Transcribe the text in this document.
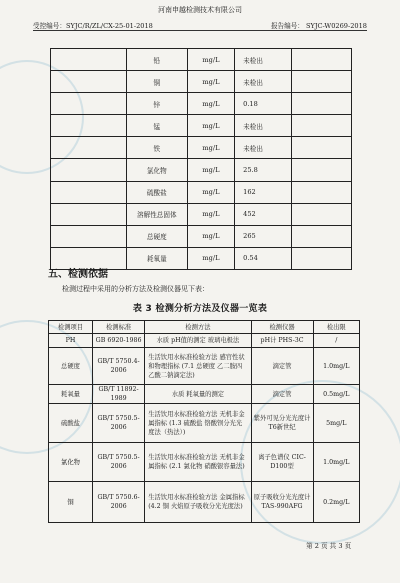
河南申越检测技术有限公司
受控编号：SYJC/R/ZL/CX-25-01-2018	报告编号： SYJC-W0269-2018
	铅	mg/L	未检出	
	铜	mg/L	未检出	
	锌	mg/L	0.18	
	锰	mg/L	未检出	
	铁	mg/L	未检出	
	氯化物	mg/L	25.8	
	硫酸盐	mg/L	162	
	溶解性总固体	mg/L	452	
	总硬度	mg/L	265	
	耗氧量	mg/L	0.54	
五、检测依据
检测过程中采用的分析方法及检测仪器见下表：
表 3 检测分析方法及仪器一览表
检测项目	检测标准	检测方法	检测仪器	检出限
PH	GB 6920-1986	水质 pH值的测定 玻璃电极法	pH计 PHS-3C	/
总硬度	GB/T 5750.4-2006	生活饮用水标准检验方法 感官性状和物理指标 (7.1 总硬度 乙二胺四乙酸二钠滴定法)	滴定管	1.0mg/L
耗氧量	GB/T 11892-1989	水质 耗氧量的测定	滴定管	0.5mg/L
硫酸盐	GB/T 5750.5-2006	生活饮用水标准检验方法 无机非金属指标 (1.3 硫酸盐 铬酸钡分光光度法（热法）)	紫外可见分光光度计 T6新世纪	5mg/L
氯化物	GB/T 5750.5-2006	生活饮用水标准检验方法 无机非金属指标 (2.1 氯化物 硝酸银容量法)	离子色谱仪 CIC-D100型	1.0mg/L
铜	GB/T 5750.6-2006	生活饮用水标准检验方法 金属指标 (4.2 铜 火焰原子吸收分光光度法)	原子吸收分光光度计 TAS-990AFG	0.2mg/L
第 2 页 共 3 页
